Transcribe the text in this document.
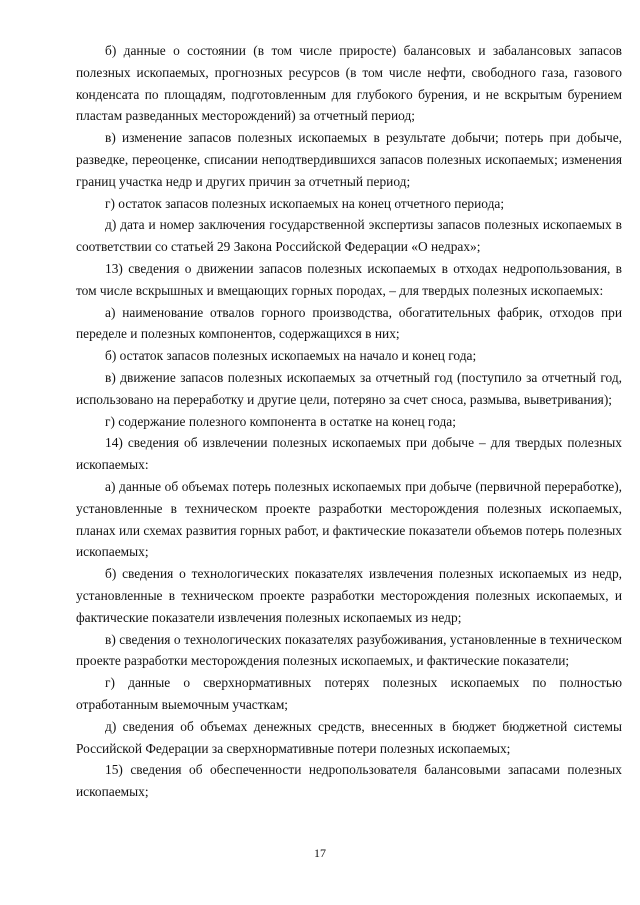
б) данные о состоянии (в том числе приросте) балансовых и забалансовых запасов полезных ископаемых, прогнозных ресурсов (в том числе нефти, свободного газа, газового конденсата по площадям, подготовленным для глубокого бурения, и не вскрытым бурением пластам разведанных месторождений) за отчетный период;

в) изменение запасов полезных ископаемых в результате добычи; потерь при добыче, разведке, переоценке, списании неподтвердившихся запасов полезных ископаемых; изменения границ участка недр и других причин за отчетный период;

г) остаток запасов полезных ископаемых на конец отчетного периода;

д) дата и номер заключения государственной экспертизы запасов полезных ископаемых в соответствии со статьей 29 Закона Российской Федерации «О недрах»;

13) сведения о движении запасов полезных ископаемых в отходах недропользования, в том числе вскрышных и вмещающих горных породах, – для твердых полезных ископаемых:

а) наименование отвалов горного производства, обогатительных фабрик, отходов при переделе и полезных компонентов, содержащихся в них;

б) остаток запасов полезных ископаемых на начало и конец года;

в) движение запасов полезных ископаемых за отчетный год (поступило за отчетный год, использовано на переработку и другие цели, потеряно за счет сноса, размыва, выветривания);

г) содержание полезного компонента в остатке на конец года;

14) сведения об извлечении полезных ископаемых при добыче – для твердых полезных ископаемых:

а) данные об объемах потерь полезных ископаемых при добыче (первичной переработке), установленные в техническом проекте разработки месторождения полезных ископаемых, планах или схемах развития горных работ, и фактические показатели объемов потерь полезных ископаемых;

б) сведения о технологических показателях извлечения полезных ископаемых из недр, установленные в техническом проекте разработки месторождения полезных ископаемых, и фактические показатели извлечения полезных ископаемых из недр;

в) сведения о технологических показателях разубоживания, установленные в техническом проекте разработки месторождения полезных ископаемых, и фактические показатели;

г) данные о сверхнормативных потерях полезных ископаемых по полностью отработанным выемочным участкам;

д) сведения об объемах денежных средств, внесенных в бюджет бюджетной системы Российской Федерации за сверхнормативные потери полезных ископаемых;

15) сведения об обеспеченности недропользователя балансовыми запасами полезных ископаемых;

17
